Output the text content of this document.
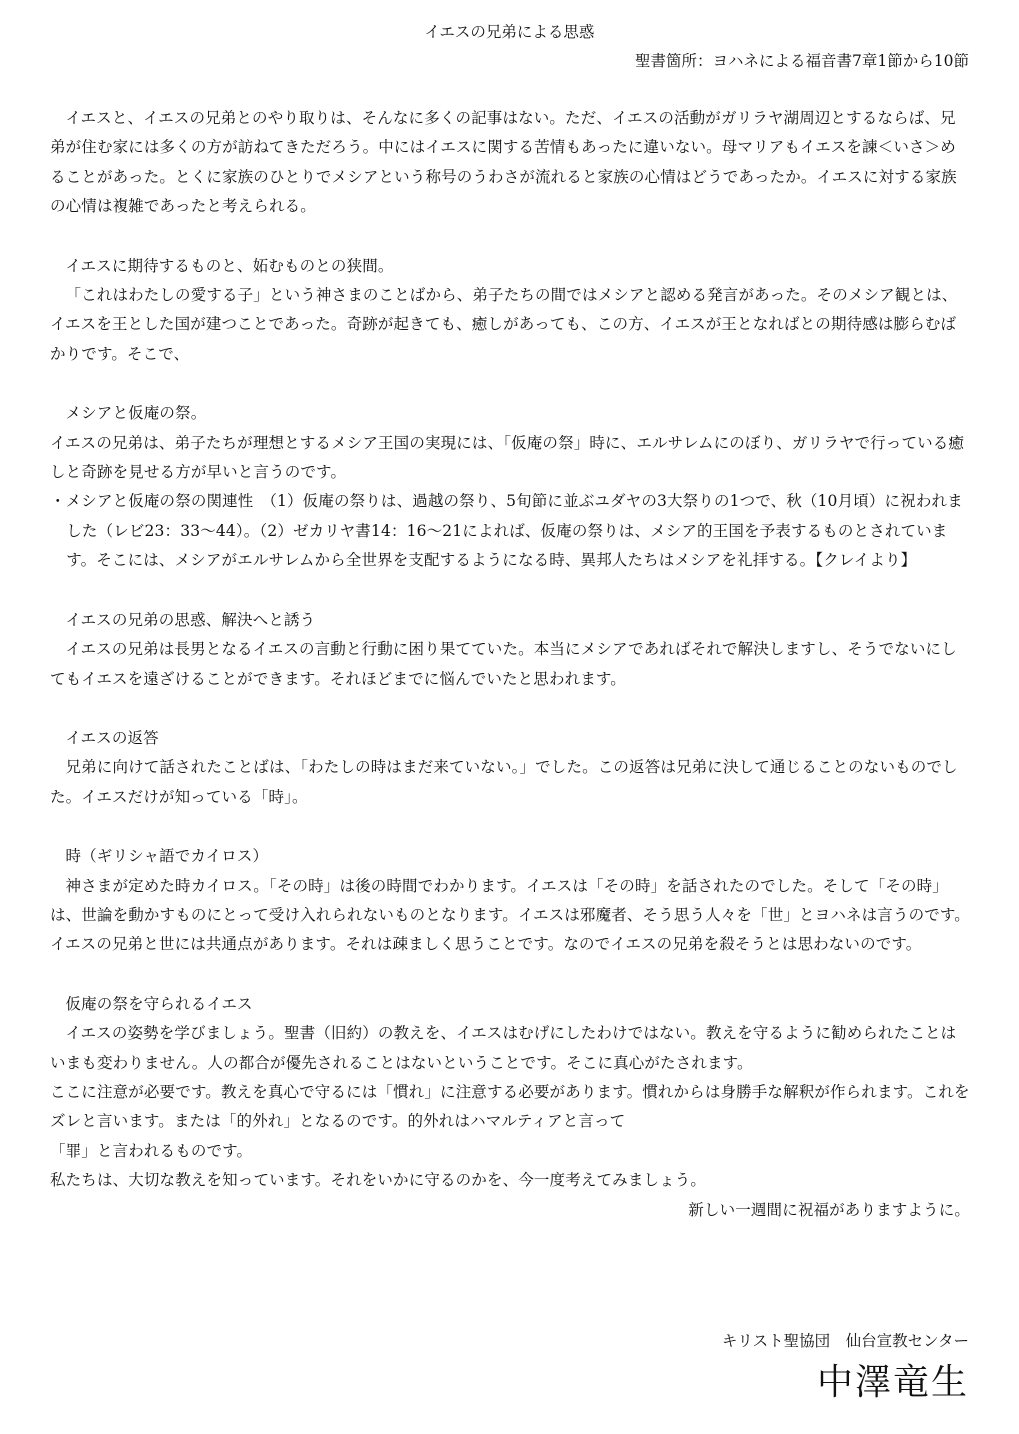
イエスの兄弟による思惑
聖書箇所：ヨハネによる福音書7章1節から10節

イエスと、イエスの兄弟とのやり取りは、そんなに多くの記事はない。ただ、イエスの活動がガリラヤ湖周辺とするならば、兄弟が住む家には多くの方が訪ねてきただろう。中にはイエスに関する苦情もあったに違いない。母マリアもイエスを諫＜いさ＞めることがあった。とくに家族のひとりでメシアという称号のうわさが流れると家族の心情はどうであったか。イエスに対する家族の心情は複雑であったと考えられる。

イエスに期待するものと、妬むものとの狭間。

「これはわたしの愛する子」という神さまのことばから、弟子たちの間ではメシアと認める発言があった。そのメシア観とは、イエスを王とした国が建つことであった。奇跡が起きても、癒しがあっても、この方、イエスが王となればとの期待感は膨らむばかりです。そこで、

メシアと仮庵の祭。

イエスの兄弟は、弟子たちが理想とするメシア王国の実現には、「仮庵の祭」時に、エルサレムにのぼり、ガリラヤで行っている癒しと奇跡を見せる方が早いと言うのです。

・メシアと仮庵の祭の関連性　（1）仮庵の祭りは、過越の祭り、5旬節に並ぶユダヤの3大祭りの1つで、秋（10月頃）に祝われました（レビ23：33〜44）。（2）ゼカリヤ書14：16〜21によれば、仮庵の祭りは、メシア的王国を予表するものとされています。そこには、メシアがエルサレムから全世界を支配するようになる時、異邦人たちはメシアを礼拝する。【クレイより】

イエスの兄弟の思惑、解決へと誘う

イエスの兄弟は長男となるイエスの言動と行動に困り果てていた。本当にメシアであればそれで解決しますし、そうでないにしてもイエスを遠ざけることができます。それほどまでに悩んでいたと思われます。

イエスの返答

兄弟に向けて話されたことばは、「わたしの時はまだ来ていない。」でした。この返答は兄弟に決して通じることのないものでした。イエスだけが知っている「時」。

時（ギリシャ語でカイロス）

神さまが定めた時カイロス。「その時」は後の時間でわかります。イエスは「その時」を話されたのでした。そして「その時」は、世論を動かすものにとって受け入れられないものとなります。イエスは邪魔者、そう思う人々を「世」とヨハネは言うのです。イエスの兄弟と世には共通点があります。それは疎ましく思うことです。なのでイエスの兄弟を殺そうとは思わないのです。

仮庵の祭を守られるイエス

イエスの姿勢を学びましょう。聖書（旧約）の教えを、イエスはむげにしたわけではない。教えを守るように勧められたことはいまも変わりません。人の都合が優先されることはないということです。そこに真心がたされます。

ここに注意が必要です。教えを真心で守るには「慣れ」に注意する必要があります。慣れからは身勝手な解釈が作られます。これをズレと言います。または「的外れ」となるのです。的外れはハマルティアと言って

「罪」と言われるものです。

私たちは、大切な教えを知っています。それをいかに守るのかを、今一度考えてみましょう。

新しい一週間に祝福がありますように。

キリスト聖協団　仙台宣教センター
中澤竜生
